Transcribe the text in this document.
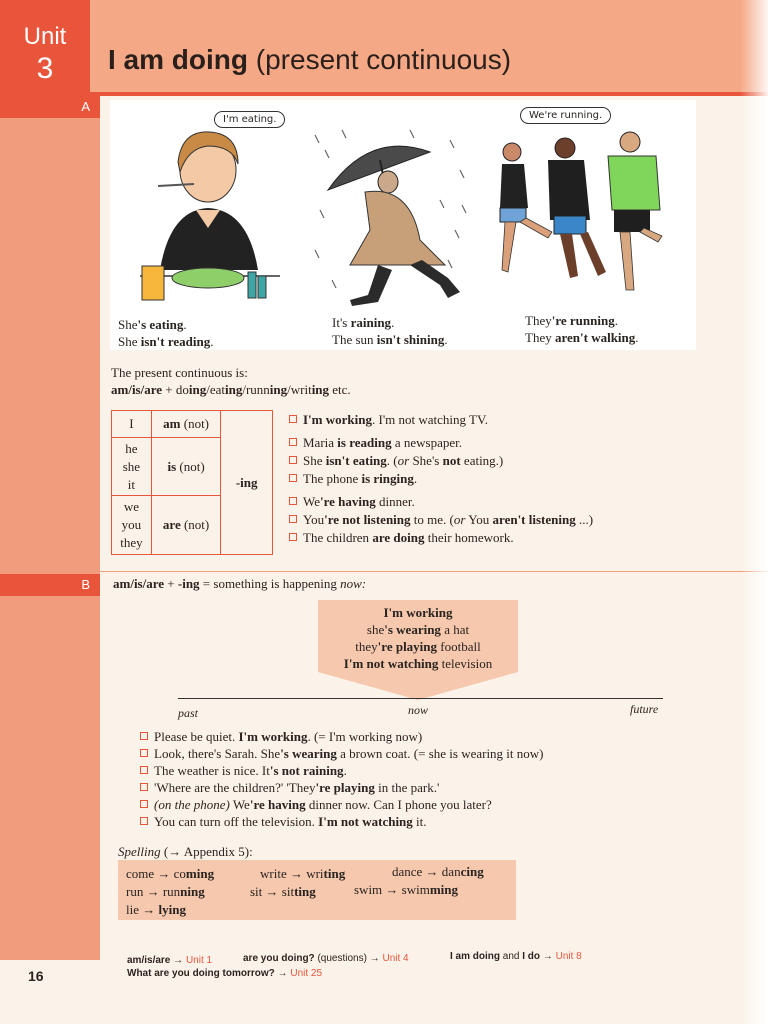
Unit
3	I am doing (present continuous)
A
I'm eating.	We're running.
She's eating.
She isn't reading.
It's raining.
The sun isn't shining.
They're running.
They aren't walking.
The present continuous is:
am/is/are + doing/eating/running/writing etc.
I	am (not)	-ing

he
she
it	is (not)	

we
you
they	are (not)	
I'm working. I'm not watching TV.
Maria is reading a newspaper.
She isn't eating. (or She's not eating.)
The phone is ringing.
We're having dinner.
You're not listening to me. (or You aren't listening ...)
The children are doing their homework.
B	am/is/are + -ing = something is happening now:
I'm working
she's wearing a hat
they're playing football
I'm not watching television
past	now	future
Please be quiet. I'm working. (= I'm working now)
Look, there's Sarah. She's wearing a brown coat. (= she is wearing it now)
The weather is nice. It's not raining.
'Where are the children?' 'They're playing in the park.'
(on the phone) We're having dinner now. Can I phone you later?
You can turn off the television. I'm not watching it.
Spelling (→ Appendix 5):
come → coming	write → writing	dance → dancing
run → running	sit → sitting	swim → swimming
lie → lying
am/is/are → Unit 1	are you doing? (questions) → Unit 4	I am doing and I do → Unit 8
What are you doing tomorrow? → Unit 25
16
